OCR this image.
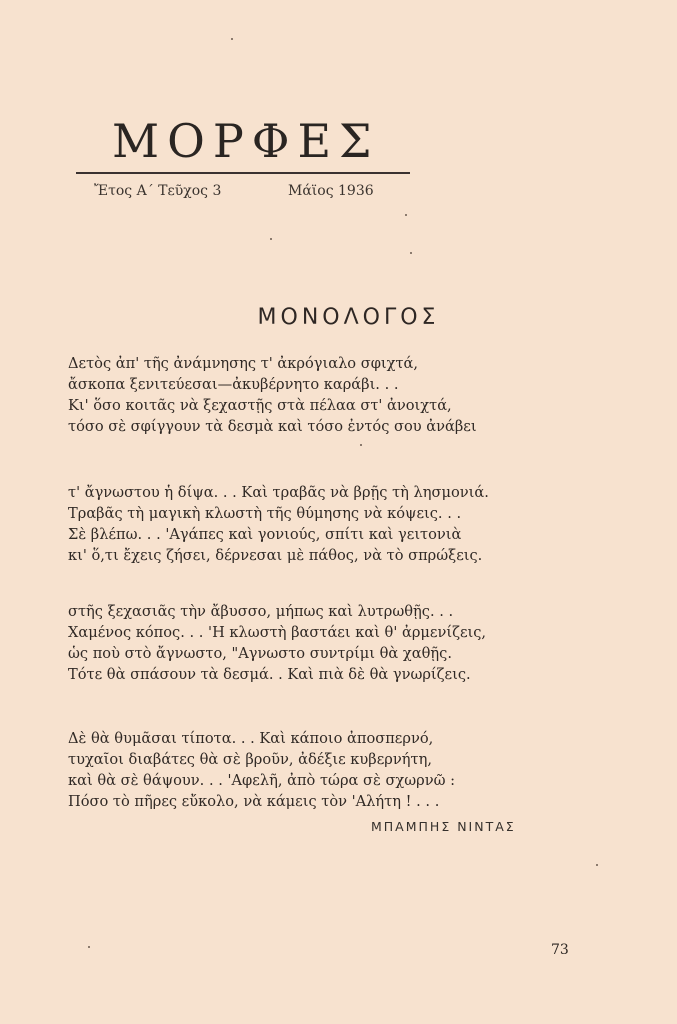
ΜΟΡΦΕΣ
Ἔτος Α΄ Τεῦχος 3	Μάϊος 1936
ΜΟΝΟΛΟΓΟΣ
Δετὸς ἀπ' τῆς ἀνάμνησης τ' ἀκρόγιαλο σφιχτά,
ἄσκοπα ξενιτεύεσαι—ἀκυβέρνητο καράβι. . .
Κι' ὅσο κοιτᾶς νὰ ξεχαστῇς στὰ πέλαα στ' ἀνοιχτά,
τόσο σὲ σφίγγουν τὰ δεσμὰ καὶ τόσο ἐντός σου ἀνάβει
τ' ἄγνωστου ἡ δίψα. . . Καὶ τραβᾶς νὰ βρῇς τὴ λησμονιά.
Τραβᾶς τὴ μαγικὴ κλωστὴ τῆς θύμησης νὰ κόψεις. . .
Σὲ βλέπω. . . 'Αγάπες καὶ γονιούς, σπίτι καὶ γειτονιὰ
κι' ὅ,τι ἔχεις ζήσει, δέρνεσαι μὲ πάθος, νὰ τὸ σπρώξεις.
στῆς ξεχασιᾶς τὴν ἄβυσσο, μήπως καὶ λυτρωθῇς. . .
Χαμένος κόπος. . . 'Η κλωστὴ βαστάει καὶ θ' ἀρμενίζεις,
ὡς ποὺ στὸ ἄγνωστο, "Αγνωστο συντρίμι θὰ χαθῇς.
Τότε θὰ σπάσουν τὰ δεσμά. . Καὶ πιὰ δὲ θὰ γνωρίζεις.
Δὲ θὰ θυμᾶσαι τίποτα. . . Καὶ κάποιο ἀποσπερνό,
τυχαῖοι διαβάτες θὰ σὲ βροῦν, ἀδέξιε κυβερνήτη,
καὶ θὰ σὲ θάψουν. . . 'Αφελῆ, ἀπὸ τώρα σὲ σχωρνῶ :
Πόσο τὸ πῆρες εὔκολο, νὰ κάμεις τὸν 'Αλήτη ! . . .
ΜΠΑΜΠΗΣ ΝΙΝΤΑΣ
73
